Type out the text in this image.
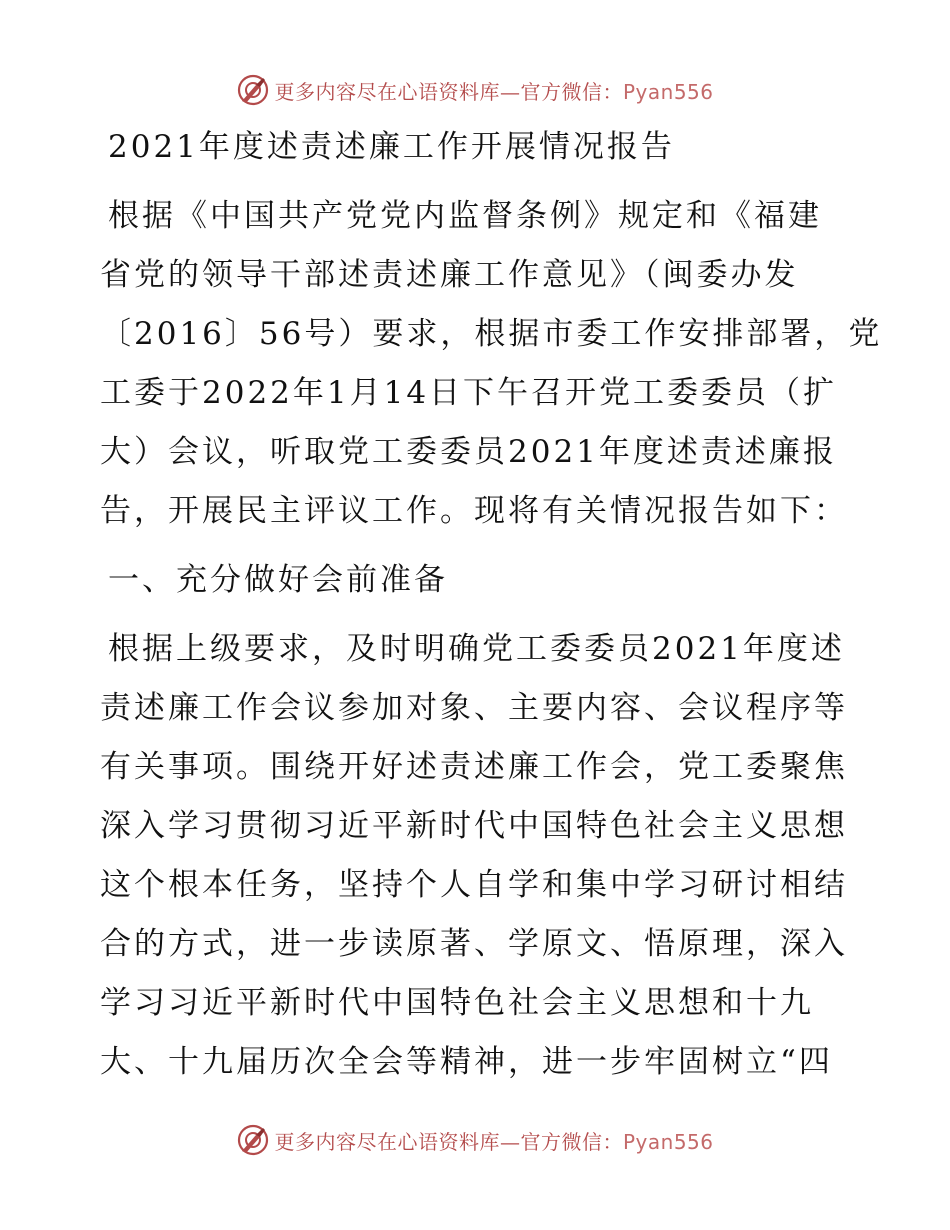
更多内容尽在心语资料库—官方微信：Pyan556
2021年度述责述廉工作开展情况报告
根据《中国共产党党内监督条例》规定和《福建
省党的领导干部述责述廉工作意见》（闽委办发
〔2016〕56号）要求，根据市委工作安排部署，党
工委于2022年1月14日下午召开党工委委员（扩
大）会议，听取党工委委员2021年度述责述廉报
告，开展民主评议工作。现将有关情况报告如下：
一、充分做好会前准备
根据上级要求，及时明确党工委委员2021年度述
责述廉工作会议参加对象、主要内容、会议程序等
有关事项。围绕开好述责述廉工作会，党工委聚焦
深入学习贯彻习近平新时代中国特色社会主义思想
这个根本任务，坚持个人自学和集中学习研讨相结
合的方式，进一步读原著、学原文、悟原理，深入
学习习近平新时代中国特色社会主义思想和十九
大、十九届历次全会等精神，进一步牢固树立“四
更多内容尽在心语资料库—官方微信：Pyan556
